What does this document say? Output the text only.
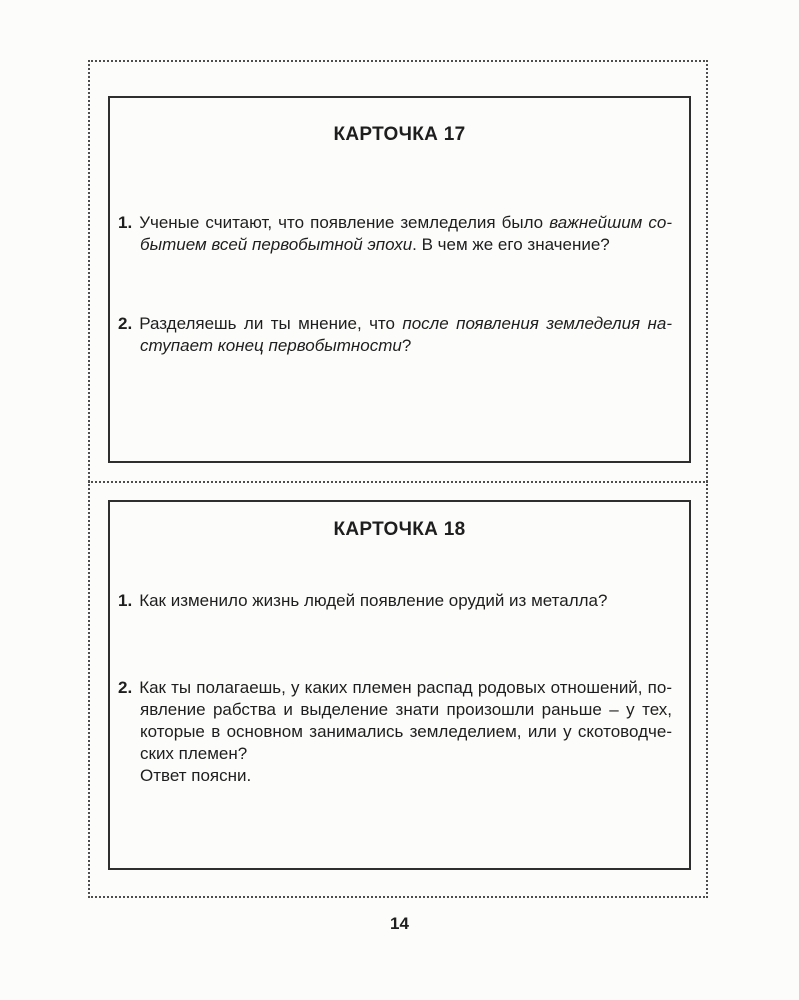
КАРТОЧКА 17

1. Ученые считают, что появление земледелия было важнейшим событием всей первобытной эпохи. В чем же его значение?

2. Разделяешь ли ты мнение, что после появления земледелия наступает конец первобытности?

КАРТОЧКА 18

1. Как изменило жизнь людей появление орудий из металла?

2. Как ты полагаешь, у каких племен распад родовых отношений, появление рабства и выделение знати произошли раньше – у тех, которые в основном занимались земледелием, или у скотоводческих племен?

Ответ поясни.

14
